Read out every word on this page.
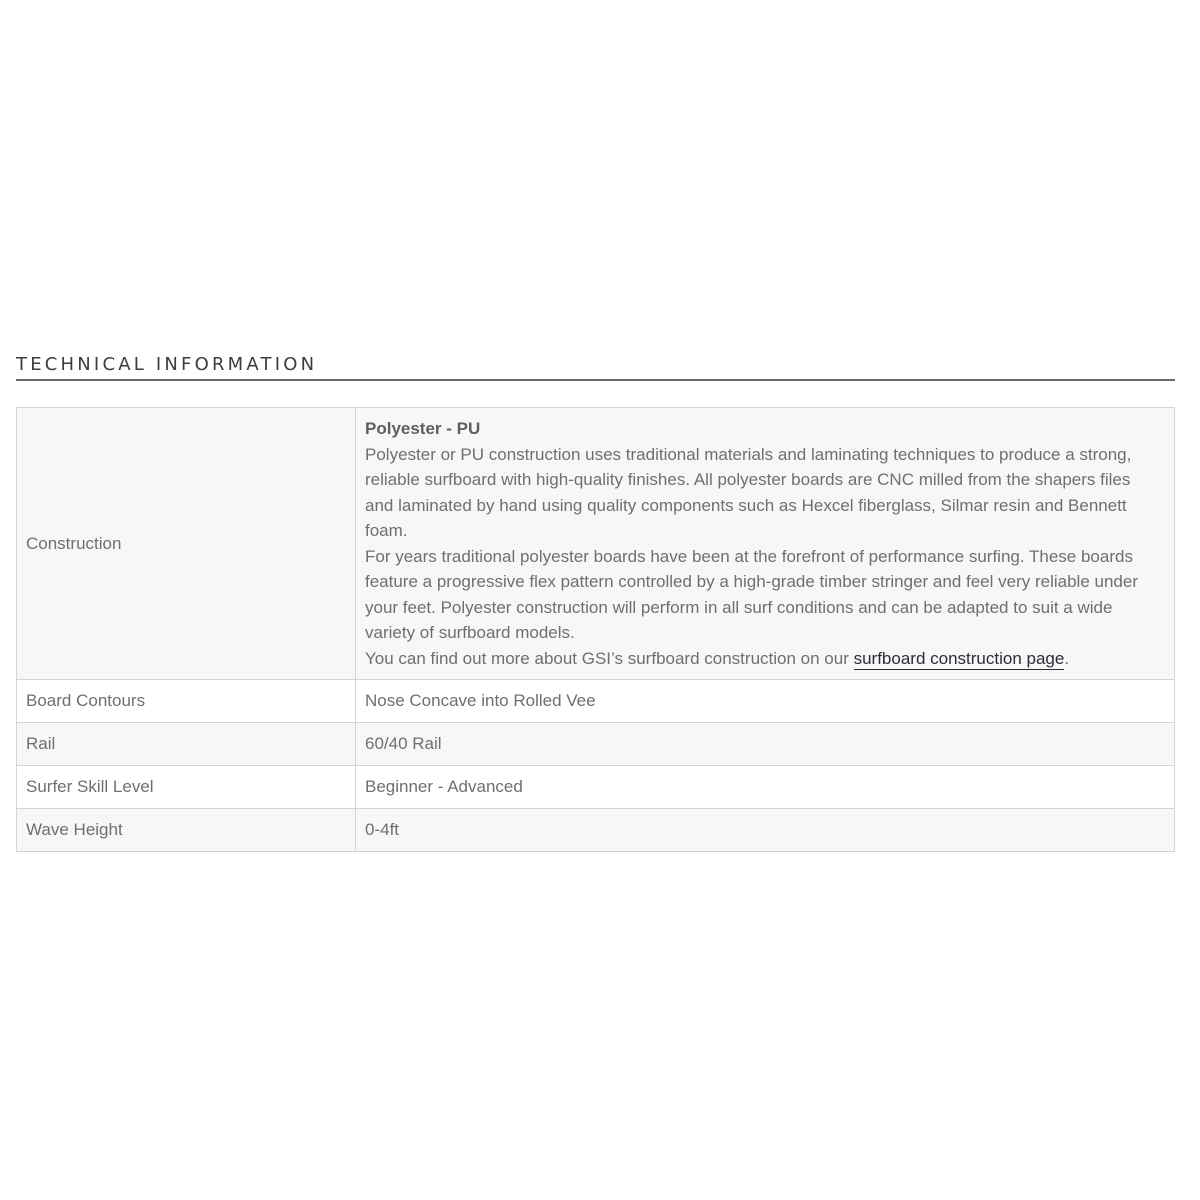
TECHNICAL INFORMATION
Construction	Polyester - PU
Polyester or PU construction uses traditional materials and laminating techniques to produce a strong, reliable surfboard with high-quality finishes. All polyester boards are CNC milled from the shapers files and laminated by hand using quality components such as Hexcel fiberglass, Silmar resin and Bennett foam.
For years traditional polyester boards have been at the forefront of performance surfing. These boards feature a progressive flex pattern controlled by a high-grade timber stringer and feel very reliable under your feet. Polyester construction will perform in all surf conditions and can be adapted to suit a wide variety of surfboard models.
You can find out more about GSI’s surfboard construction on our surfboard construction page.

Board Contours	Nose Concave into Rolled Vee
Rail	60/40 Rail
Surfer Skill Level	Beginner - Advanced
Wave Height	0-4ft
